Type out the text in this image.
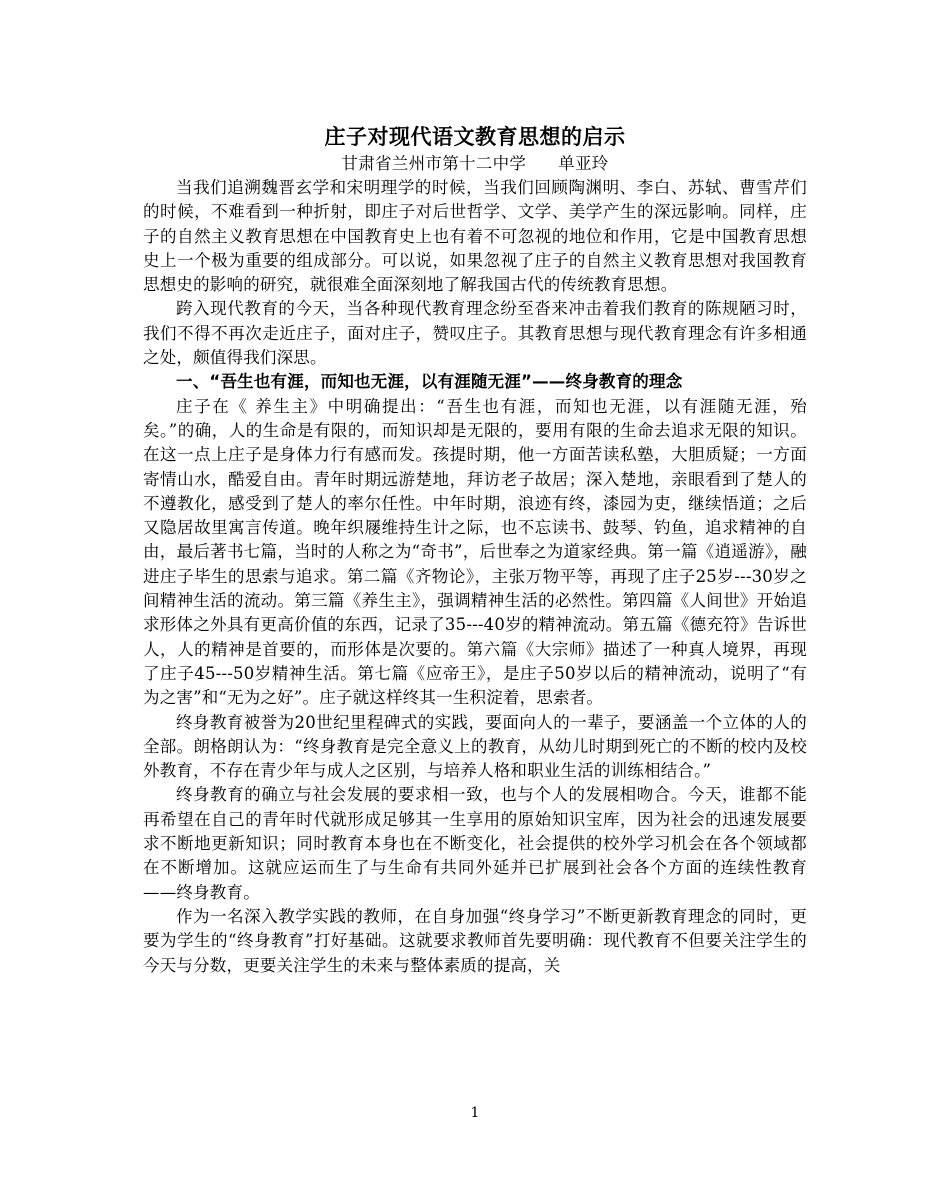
庄子对现代语文教育思想的启示
甘肃省兰州市第十二中学 单亚玲

当我们追溯魏晋玄学和宋明理学的时候，当我们回顾陶渊明、李白、苏轼、曹雪芹们的时候，不难看到一种折射，即庄子对后世哲学、文学、美学产生的深远影响。同样，庄子的自然主义教育思想在中国教育史上也有着不可忽视的地位和作用，它是中国教育思想史上一个极为重要的组成部分。可以说，如果忽视了庄子的自然主义教育思想对我国教育思想史的影响的研究，就很难全面深刻地了解我国古代的传统教育思想。

跨入现代教育的今天，当各种现代教育理念纷至沓来冲击着我们教育的陈规陋习时，我们不得不再次走近庄子，面对庄子，赞叹庄子。其教育思想与现代教育理念有许多相通之处，颇值得我们深思。

一、“吾生也有涯，而知也无涯，以有涯随无涯”——终身教育的理念

庄子在《 养生主》中明确提出：“吾生也有涯，而知也无涯，以有涯随无涯，殆矣。”的确，人的生命是有限的，而知识却是无限的，要用有限的生命去追求无限的知识。在这一点上庄子是身体力行有感而发。孩提时期，他一方面苦读私塾，大胆质疑；一方面寄情山水，酷爱自由。青年时期远游楚地，拜访老子故居；深入楚地，亲眼看到了楚人的不遵教化，感受到了楚人的率尔任性。中年时期，浪迹有终，漆园为吏，继续悟道；之后又隐居故里寓言传道。晚年织屦维持生计之际，也不忘读书、鼓琴、钓鱼，追求精神的自由，最后著书七篇，当时的人称之为“奇书”，后世奉之为道家经典。第一篇《逍遥游》，融进庄子毕生的思索与追求。第二篇《齐物论》，主张万物平等，再现了庄子25岁---30岁之间精神生活的流动。第三篇《养生主》，强调精神生活的必然性。第四篇《人间世》开始追求形体之外具有更高价值的东西，记录了35---40岁的精神流动。第五篇《德充符》告诉世人，人的精神是首要的，而形体是次要的。第六篇《大宗师》描述了一种真人境界，再现了庄子45---50岁精神生活。第七篇《应帝王》，是庄子50岁以后的精神流动，说明了“有为之害”和“无为之好”。庄子就这样终其一生积淀着，思索者。

终身教育被誉为20世纪里程碑式的实践，要面向人的一辈子，要涵盖一个立体的人的全部。朗格朗认为：“终身教育是完全意义上的教育，从幼儿时期到死亡的不断的校内及校外教育，不存在青少年与成人之区别，与培养人格和职业生活的训练相结合。”

终身教育的确立与社会发展的要求相一致，也与个人的发展相吻合。今天，谁都不能再希望在自己的青年时代就形成足够其一生享用的原始知识宝库，因为社会的迅速发展要求不断地更新知识；同时教育本身也在不断变化，社会提供的校外学习机会在各个领域都在不断增加。这就应运而生了与生命有共同外延并已扩展到社会各个方面的连续性教育——终身教育。

作为一名深入教学实践的教师，在自身加强“终身学习”不断更新教育理念的同时，更要为学生的“终身教育”打好基础。这就要求教师首先要明确：现代教育不但要关注学生的今天与分数，更要关注学生的未来与整体素质的提高，关

1
